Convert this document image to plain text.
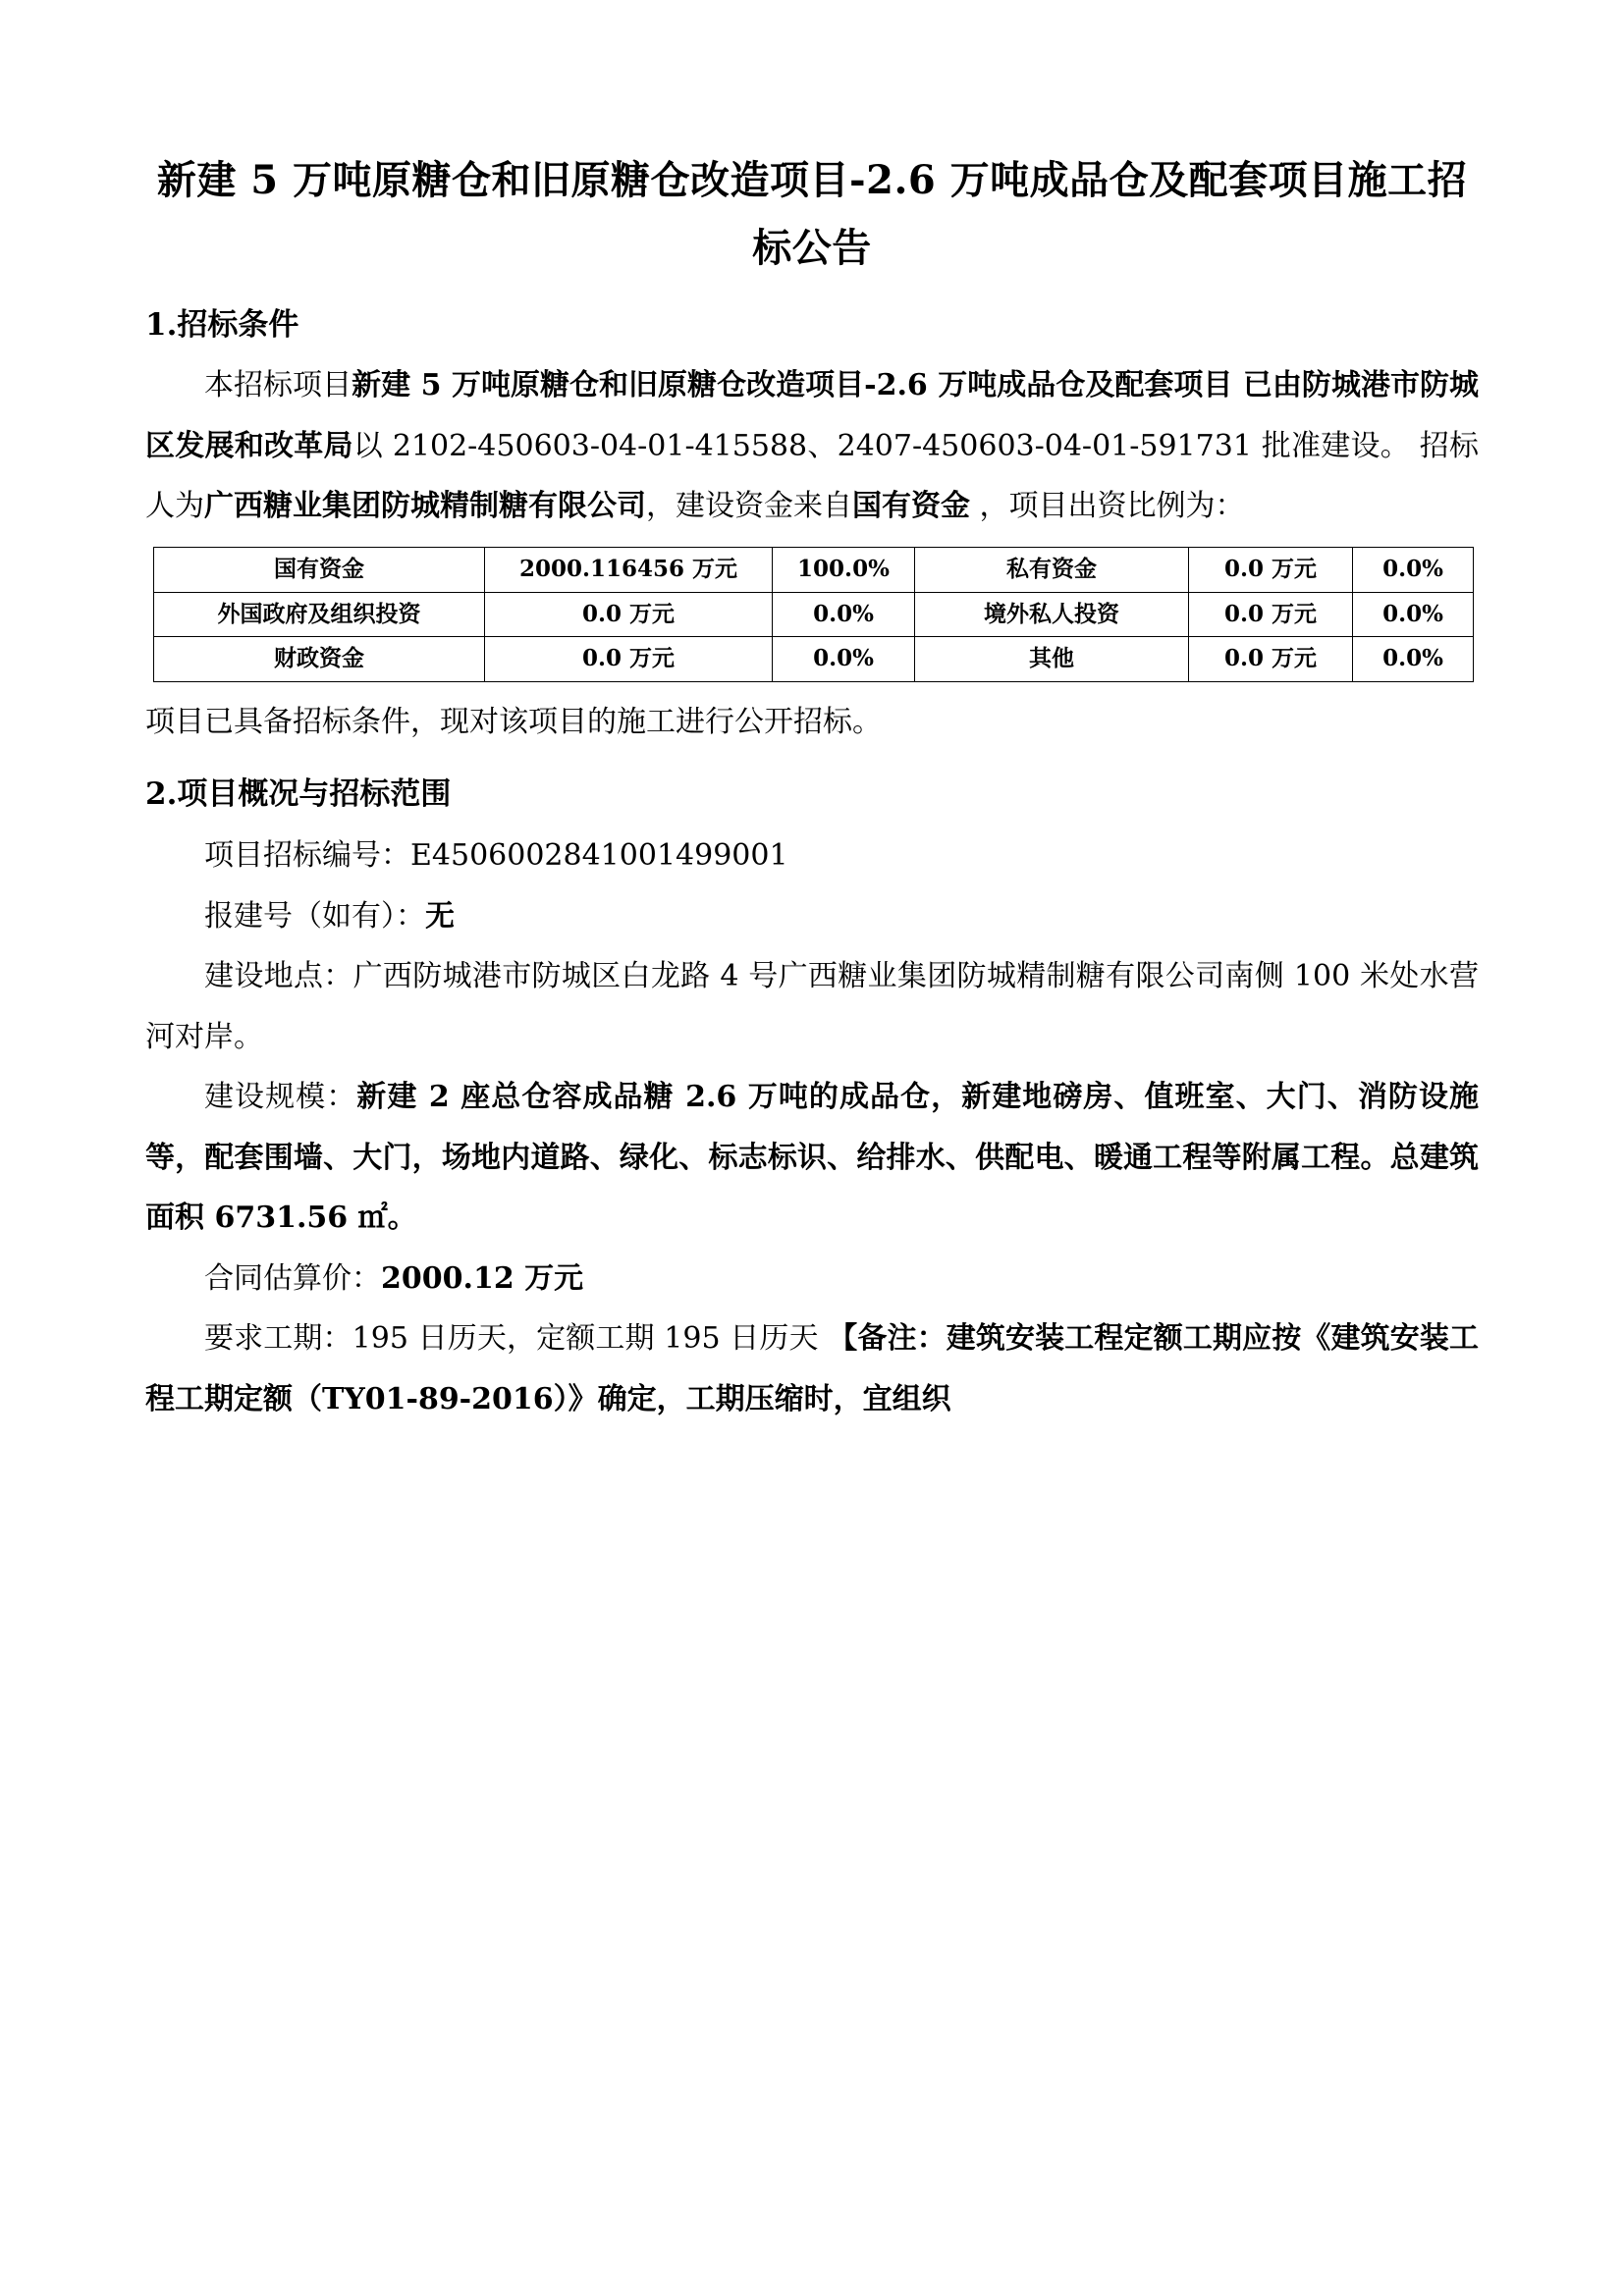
新建 5 万吨原糖仓和旧原糖仓改造项目-2.6 万吨成品仓及配套项目施工招标公告
1.招标条件

本招标项目新建 5 万吨原糖仓和旧原糖仓改造项目-2.6 万吨成品仓及配套项目 已由防城港市防城区发展和改革局以 2102-450603-04-01-415588、2407-450603-04-01-591731 批准建设。 招标人为广西糖业集团防城精制糖有限公司，建设资金来自国有资金 ，项目出资比例为：

国有资金	2000.116456 万元	100.0%	私有资金	0.0 万元	0.0%
外国政府及组织投资	0.0 万元	0.0%	境外私人投资	0.0 万元	0.0%
财政资金	0.0 万元	0.0%	其他	0.0 万元	0.0%

项目已具备招标条件，现对该项目的施工进行公开招标。

2.项目概况与招标范围

项目招标编号：E4506002841001499001

报建号（如有）：无

建设地点：广西防城港市防城区白龙路 4 号广西糖业集团防城精制糖有限公司南侧 100 米处水营河对岸。

建设规模：新建 2 座总仓容成品糖 2.6 万吨的成品仓，新建地磅房、值班室、大门、消防设施等，配套围墙、大门，场地内道路、绿化、标志标识、给排水、供配电、暖通工程等附属工程。总建筑面积 6731.56 ㎡。

合同估算价：2000.12 万元

要求工期：195 日历天，定额工期 195 日历天 【备注：建筑安装工程定额工期应按《建筑安装工程工期定额（TY01-89-2016）》确定，工期压缩时，宜组织
